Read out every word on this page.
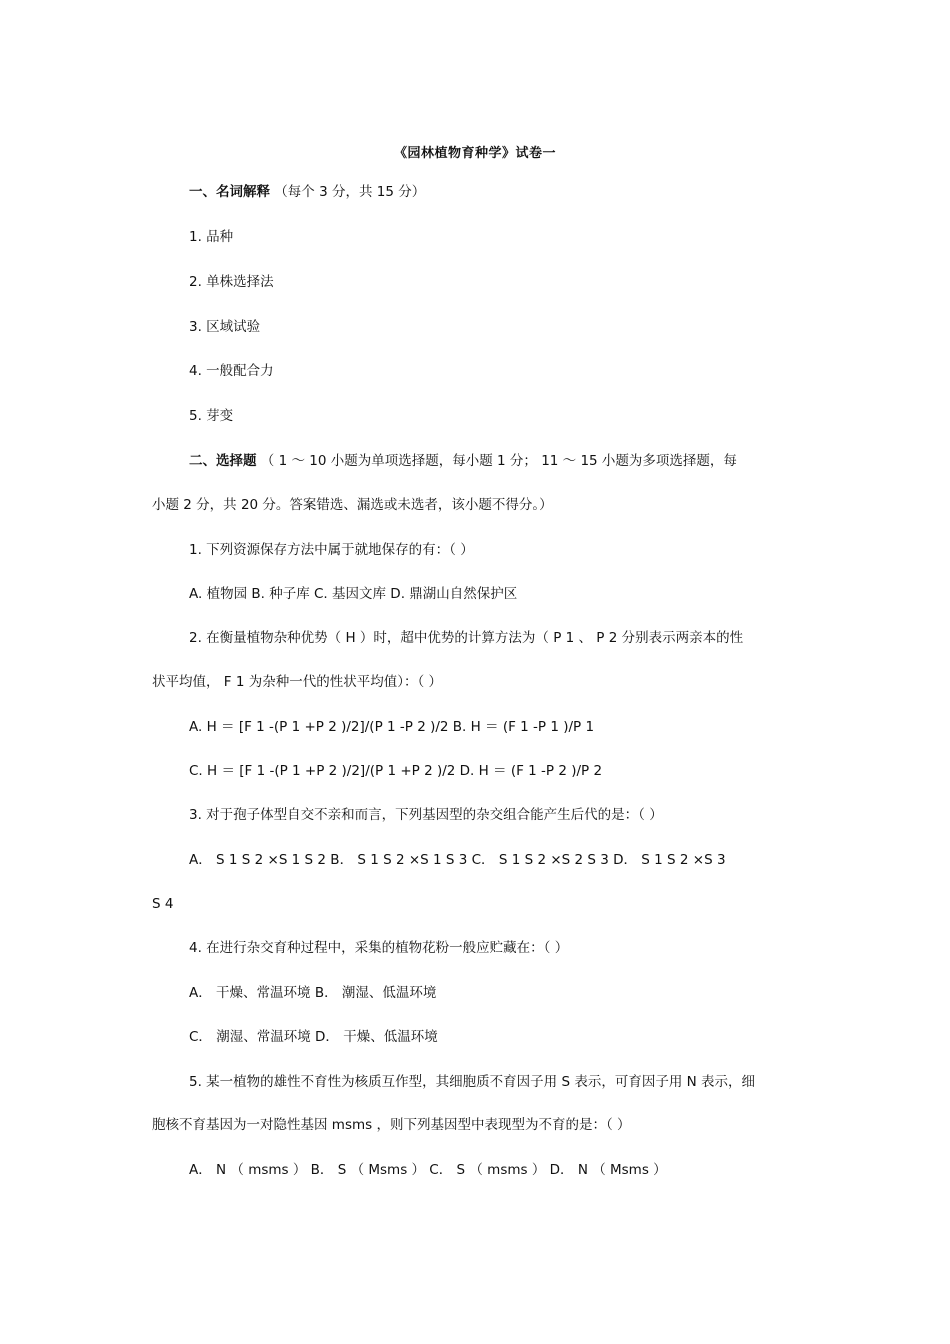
《园林植物育种学》试卷一
一、名词解释 （每个 3 分，共 15 分）
1. 品种
2. 单株选择法
3. 区域试验
4. 一般配合力
5. 芽变
二、选择题 （ 1 ～ 10 小题为单项选择题，每小题 1 分； 11 ～ 15 小题为多项选择题，每
小题 2 分，共 20 分。答案错选、漏选或未选者，该小题不得分。）
1. 下列资源保存方法中属于就地保存的有：（ ）
A. 植物园 B. 种子库 C. 基因文库 D. 鼎湖山自然保护区
2. 在衡量植物杂种优势（ H ）时，超中优势的计算方法为（ P 1 、 P 2 分别表示两亲本的性
状平均值， F 1 为杂种一代的性状平均值）：（ ）
A. H ＝ [F 1 -(P 1 +P 2 )/2]/(P 1 -P 2 )/2 B. H ＝ (F 1 -P 1 )/P 1
C. H ＝ [F 1 -(P 1 +P 2 )/2]/(P 1 +P 2 )/2 D. H ＝ (F 1 -P 2 )/P 2
3. 对于孢子体型自交不亲和而言，下列基因型的杂交组合能产生后代的是：（ ）
A． S 1 S 2 ×S 1 S 2 B． S 1 S 2 ×S 1 S 3 C． S 1 S 2 ×S 2 S 3 D． S 1 S 2 ×S 3
S 4
4. 在进行杂交育种过程中，采集的植物花粉一般应贮藏在：（ ）
A． 干燥、常温环境 B． 潮湿、低温环境
C． 潮湿、常温环境 D． 干燥、低温环境
5. 某一植物的雄性不育性为核质互作型，其细胞质不育因子用 S 表示，可育因子用 N 表示，细
胞核不育基因为一对隐性基因 msms ，则下列基因型中表现型为不育的是：（ ）
A． N （ msms ） B． S （ Msms ） C． S （ msms ） D． N （ Msms ）
